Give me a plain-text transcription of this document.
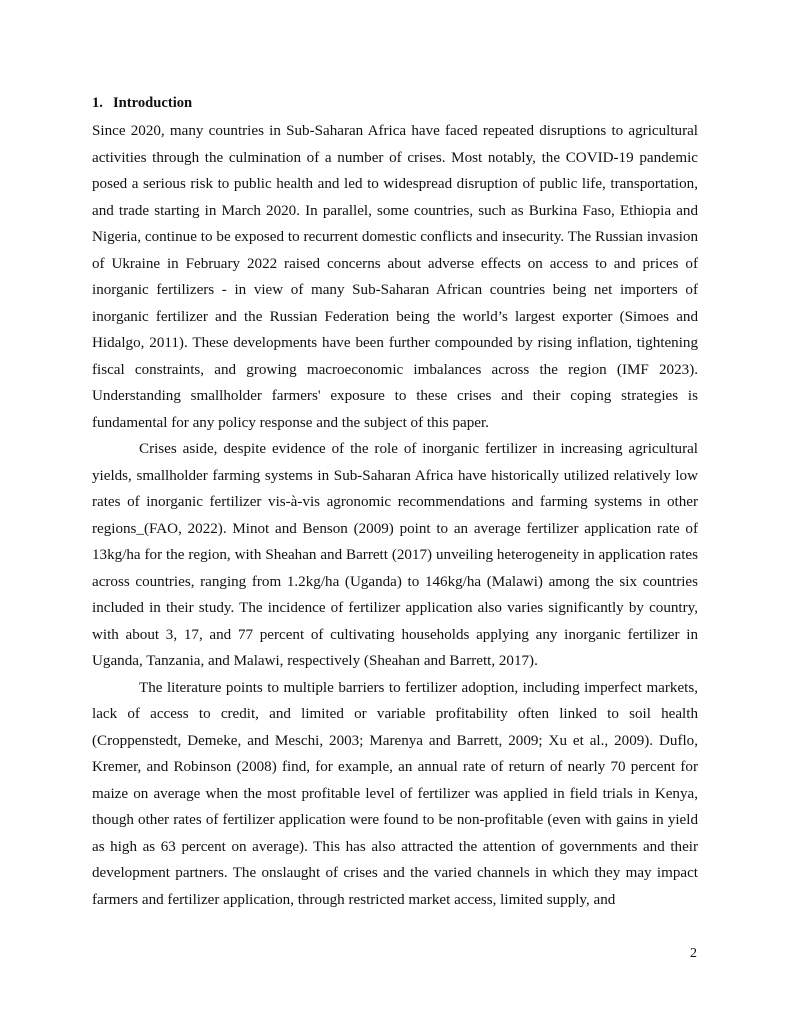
1. Introduction

Since 2020, many countries in Sub-Saharan Africa have faced repeated disruptions to agricultural activities through the culmination of a number of crises. Most notably, the COVID-19 pandemic posed a serious risk to public health and led to widespread disruption of public life, transportation, and trade starting in March 2020. In parallel, some countries, such as Burkina Faso, Ethiopia and Nigeria, continue to be exposed to recurrent domestic conflicts and insecurity. The Russian invasion of Ukraine in February 2022 raised concerns about adverse effects on access to and prices of inorganic fertilizers - in view of many Sub-Saharan African countries being net importers of inorganic fertilizer and the Russian Federation being the world’s largest exporter (Simoes and Hidalgo, 2011). These developments have been further compounded by rising inflation, tightening fiscal constraints, and growing macroeconomic imbalances across the region (IMF 2023). Understanding smallholder farmers' exposure to these crises and their coping strategies is fundamental for any policy response and the subject of this paper.

Crises aside, despite evidence of the role of inorganic fertilizer in increasing agricultural yields, smallholder farming systems in Sub-Saharan Africa have historically utilized relatively low rates of inorganic fertilizer vis-à-vis agronomic recommendations and farming systems in other regions_(FAO, 2022). Minot and Benson (2009) point to an average fertilizer application rate of 13kg/ha for the region, with Sheahan and Barrett (2017) unveiling heterogeneity in application rates across countries, ranging from 1.2kg/ha (Uganda) to 146kg/ha (Malawi) among the six countries included in their study. The incidence of fertilizer application also varies significantly by country, with about 3, 17, and 77 percent of cultivating households applying any inorganic fertilizer in Uganda, Tanzania, and Malawi, respectively (Sheahan and Barrett, 2017).

The literature points to multiple barriers to fertilizer adoption, including imperfect markets, lack of access to credit, and limited or variable profitability often linked to soil health (Croppenstedt, Demeke, and Meschi, 2003; Marenya and Barrett, 2009; Xu et al., 2009). Duflo, Kremer, and Robinson (2008) find, for example, an annual rate of return of nearly 70 percent for maize on average when the most profitable level of fertilizer was applied in field trials in Kenya, though other rates of fertilizer application were found to be non-profitable (even with gains in yield as high as 63 percent on average). This has also attracted the attention of governments and their development partners. The onslaught of crises and the varied channels in which they may impact farmers and fertilizer application, through restricted market access, limited supply, and

2
